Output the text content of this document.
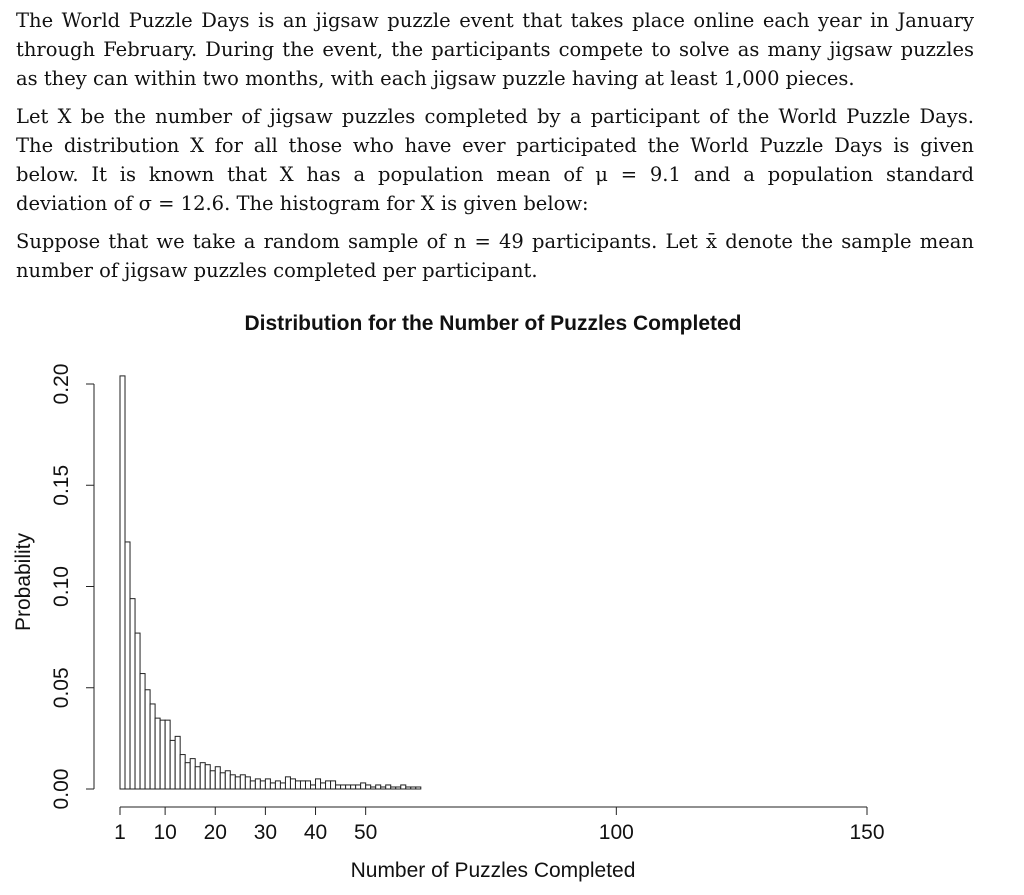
The World Puzzle Days is an jigsaw puzzle event that takes place online each year in January
through February. During the event, the participants compete to solve as many jigsaw puzzles
as they can within two months, with each jigsaw puzzle having at least 1,000 pieces.
Let X be the number of jigsaw puzzles completed by a participant of the World Puzzle Days.
The distribution X for all those who have ever participated the World Puzzle Days is given
below. It is known that X has a population mean of μ = 9.1 and a population standard
deviation of σ = 12.6. The histogram for X is given below:
Suppose that we take a random sample of n = 49 participants. Let x̄ denote the sample mean
number of jigsaw puzzles completed per participant.
Distribution for the Number of Puzzles Completed
0.00
0.05
0.10
0.15
0.20
1 10 20 30 40 50	100	150
Number of Puzzles Completed
Probability
